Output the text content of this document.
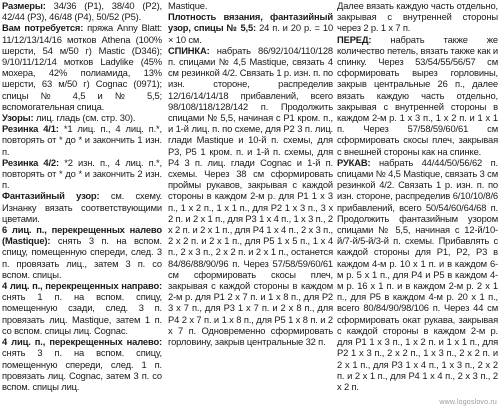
Размеры: 34/36 (P1), 38/40 (P2), 42/44 (P3), 46/48 (P4), 50/52 (P5).

Вам потребуется: пряжа Anny Blatt: 11/12/13/14/16 мотков Athena (100% шерсти, 54 м/50 г) Mastic (D346); 9/10/11/12/14 мотков Ladylike (45% мохера, 42% полиамида, 13% шерсти, 63 м/50 г) Cognac (0971); спицы № 4,5 и № 5,5; вспомогательная спица.

Узоры: лиц. гладь (см. стр. 30).

Резинка 4/1: *1 лиц. п., 4 лиц. п.*, повторять от * до * и закончить 1 изн. п.

Резинка 4/2: *2 изн. п., 4 лиц. п.*, повторять от * до * и закончить 2 изн. п.

Фантазийный узор: см. схему. Изнанку вязать соответствующими цветами.

6 лиц. п., перекрещенных налево (Mastique): снять 3 п. на вспом. спицу, помещенную спереди, след. 3 п. провязать лиц., затем 3 п. со вспом. спицы.

4 лиц. п., перекрещенных направо: снять 1 п. на вспом. спицу, помещенную сзади, след. 3 п. провязать лиц. Mastique, затем 1 п. со вспом. спицы лиц. Cognac.

4 лиц. п., перекрещенных налево: снять 3 п. на вспом. спицу, помещенную спереди, след. 1 п. провязать лиц. Cognac, затем 3 п. со вспом. спицы лиц.

Mastique.

Плотность вязания, фантазийный узор, спицы № 5,5: 24 п. и 20 р. = 10 × 10 см.

СПИНКА: набрать 86/92/104/110/128 п. спицами № 4,5 Mastique, связать 4 см резинкой 4/2. Связать 1 р. изн. п. по изн. стороне, распределив 12/16/14/14/18 прибавлений, всего 98/108/118/128/142 п. Продолжить спицами № 5,5, начиная с P1 кром. п., и 1-й лиц. п. по схеме, для P2 3 п. лиц. глади Mastique и 10-й п. схемы, для P3, P5 1 кром. п. и 1-й п. схемы, для P4 3 п. лиц. глади Cognac и 1-й п. схемы. Через 38 см сформировать проймы рукавов, закрывая с каждой стороны в каждом 2-м р. для P1 1 х 3 п., 1 х 2 п., 1 х 1 п., для P2 1 х 3 п., 3 х 2 п. и 2 х 1 п., для P3 1 х 4 п., 1 х 3 п., 2 х 2 п. и 2 х 1 п., для P4 1 х 4 п., 2 х 3 п., 2 х 2 п. и 2 х 1 п., для P5 1 х 5 п., 1 х 4 п., 2 х 3 п., 2 х 2 п. и 2 х 1 п., останется 84/86/88/90/96 п. Через 57/58/59/60/61 см сформировать скосы плеч, закрывая с каждой стороны в каждом 2-м р. для P1 2 х 7 п. и 1 х 8 п., для P2 3 х 7 п., для P3 1 х 7 п. и 2 х 8 п., для P4 2 х 7 п. и 1 х 8 п., для P5 1 х 8 п. и 2 х 7 п. Одновременно сформировать горловину, закрыв центральные 32 п.

Далее вязать каждую часть отдельно, закрывая с внутренней стороны через 2 р. 1 х 7 п.

ПЕРЕД: набрать также же количество петель, вязать также как и спинку. Через 53/54/55/56/57 см сформировать вырез горловины, закрыв центральные 26 п., далее вязать каждую часть отдельно, закрывая с внутренней стороны в каждом 2-м р. 1 х 3 п., 1 х 2 п. и 1 х 1 п. Через 57/58/59/60/61 см сформировать скосы плеч, закрывая с внешней стороны как на спинке.

РУКАВ: набрать 44/44/50/56/62 п. спицами № 4,5 Mastique, связать 3 см резинкой 4/2. Связать 1 р. изн. п. по изн. стороне, распределив 6/10/10/8/6 прибавлений, всего 50/54/60/64/68 п. Продолжить фантазийным узором спицами № 5,5, начиная с 12-й/10-й/7-й/5-й/3-й п. схемы. Прибавлять с каждой стороны для P1, P2, P3 в каждом 4-м р. 10 х 1 п. и в каждом 6-м р. 5 х 1 п., для P4 и P5 в каждом 4-м р. 16 х 1 п. и в каждом 2-м р. 2 х 1 п., для P5 в каждом 4-м р. 20 х 1 п., всего 80/84/90/98/106 п. Через 44 см сформировать окат рукава, закрывая с каждой стороны в каждом 2-м р. для P1 1 х 3 п., 1 х 2 п. и 1 х 1 п., для P2 1 х 3 п., 2 х 2 п., 1 х 3 п., 2 х 2 п. и 2 х 1 п., для P3 1 х 4 п., 1 х 3 п., 2 х 2 п. и 2 х 1 п., для P4 1 х 4 п., 2 х 3 п., 2 х 2 п.

www.logoslovo.ru
